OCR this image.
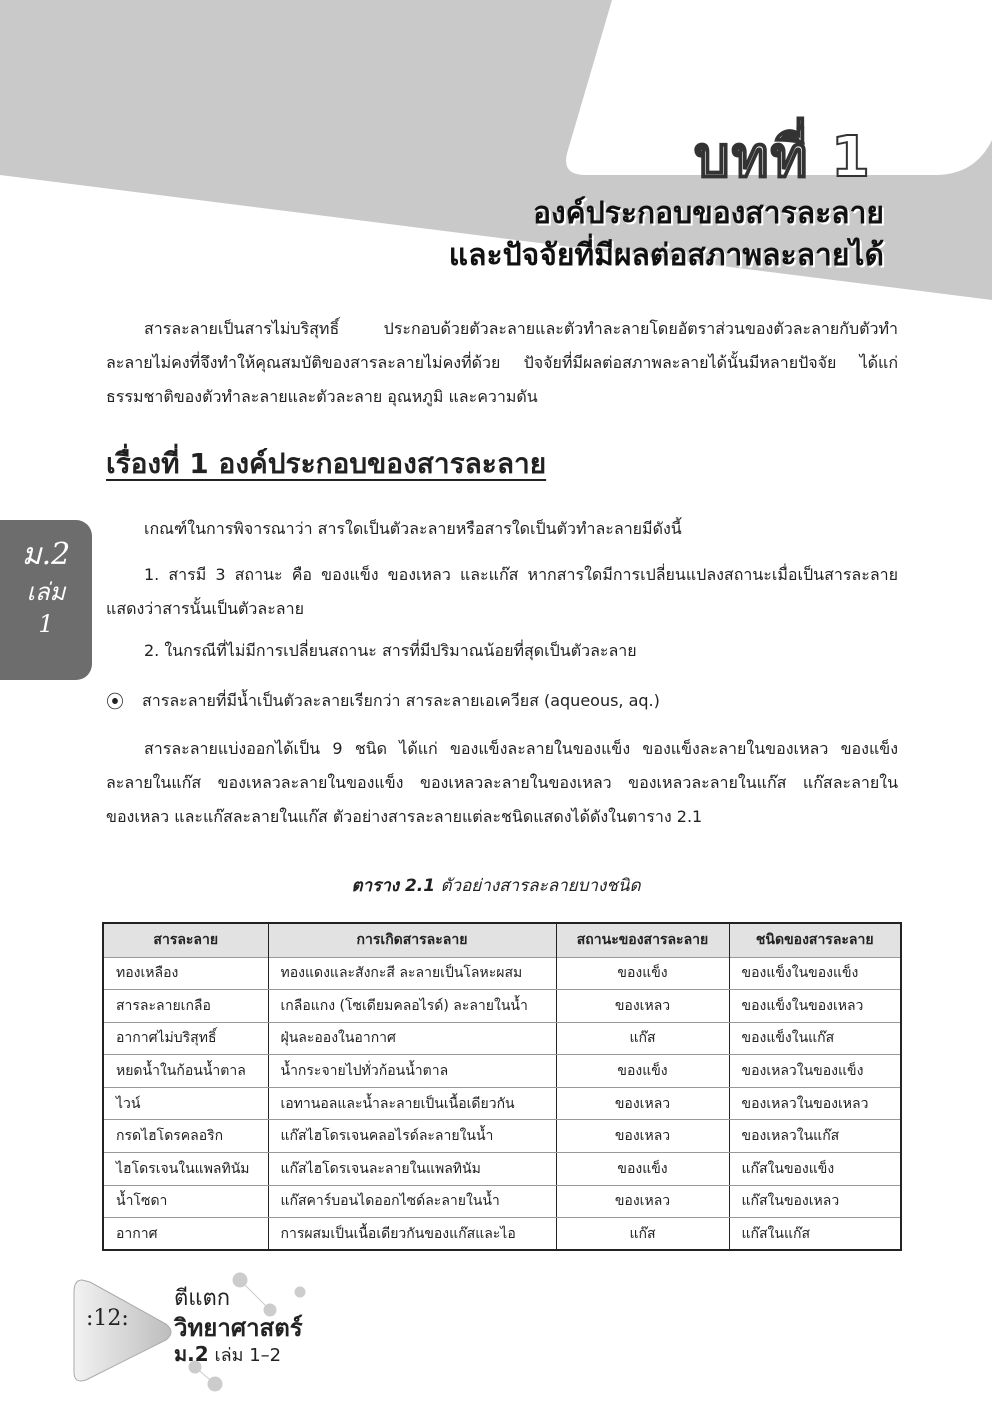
บทที่ 1
องค์ประกอบของสารละลาย
และปัจจัยที่มีผลต่อสภาพละลายได้
สารละลายเป็นสารไม่บริสุทธิ์ ประกอบด้วยตัวละลายและตัวทำละลายโดยอัตราส่วนของตัวละลายกับตัวทำละลายไม่คงที่จึงทำให้คุณสมบัติของสารละลายไม่คงที่ด้วย ปัจจัยที่มีผลต่อสภาพละลายได้นั้นมีหลายปัจจัย ได้แก่ ธรรมชาติของตัวทำละลายและตัวละลาย อุณหภูมิ และความดัน
เรื่องที่ 1 องค์ประกอบของสารละลาย
ม.2
เล่ม
1
เกณฑ์ในการพิจารณาว่า สารใดเป็นตัวละลายหรือสารใดเป็นตัวทำละลายมีดังนี้
1. สารมี 3 สถานะ คือ ของแข็ง ของเหลว และแก๊ส หากสารใดมีการเปลี่ยนแปลงสถานะเมื่อเป็นสารละลาย แสดงว่าสารนั้นเป็นตัวละลาย
2. ในกรณีที่ไม่มีการเปลี่ยนสถานะ สารที่มีปริมาณน้อยที่สุดเป็นตัวละลาย
⦿ สารละลายที่มีน้ำเป็นตัวละลายเรียกว่า สารละลายเอเควียส (aqueous, aq.)
สารละลายแบ่งออกได้เป็น 9 ชนิด ได้แก่ ของแข็งละลายในของแข็ง ของแข็งละลายในของเหลว ของแข็งละลายในแก๊ส ของเหลวละลายในของแข็ง ของเหลวละลายในของเหลว ของเหลวละลายในแก๊ส แก๊สละลายในของเหลว และแก๊สละลายในแก๊ส ตัวอย่างสารละลายแต่ละชนิดแสดงได้ดังในตาราง 2.1
ตาราง 2.1 ตัวอย่างสารละลายบางชนิด
สารละลาย	การเกิดสารละลาย	สถานะของสารละลาย	ชนิดของสารละลาย
ทองเหลือง	ทองแดงและสังกะสี ละลายเป็นโลหะผสม	ของแข็ง	ของแข็งในของแข็ง
สารละลายเกลือ	เกลือแกง (โซเดียมคลอไรด์) ละลายในน้ำ	ของเหลว	ของแข็งในของเหลว
อากาศไม่บริสุทธิ์	ฝุ่นละอองในอากาศ	แก๊ส	ของแข็งในแก๊ส
หยดน้ำในก้อนน้ำตาล	น้ำกระจายไปทั่วก้อนน้ำตาล	ของแข็ง	ของเหลวในของแข็ง
ไวน์	เอทานอลและน้ำละลายเป็นเนื้อเดียวกัน	ของเหลว	ของเหลวในของเหลว
กรดไฮโดรคลอริก	แก๊สไฮโดรเจนคลอไรด์ละลายในน้ำ	ของเหลว	ของเหลวในแก๊ส
ไฮโดรเจนในแพลทินัม	แก๊สไฮโดรเจนละลายในแพลทินัม	ของแข็ง	แก๊สในของแข็ง
น้ำโซดา	แก๊สคาร์บอนไดออกไซด์ละลายในน้ำ	ของเหลว	แก๊สในของเหลว
อากาศ	การผสมเป็นเนื้อเดียวกันของแก๊สและไอ	แก๊ส	แก๊สในแก๊ส
:12:
ตีแตก
วิทยาศาสตร์
ม.2 เล่ม 1–2
